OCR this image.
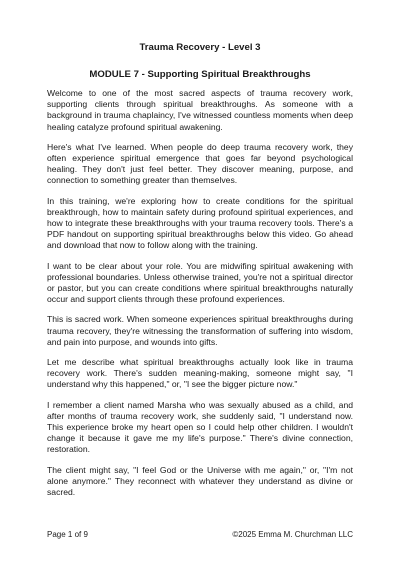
Trauma Recovery - Level 3
MODULE 7 - Supporting Spiritual Breakthroughs

Welcome to one of the most sacred aspects of trauma recovery work, supporting clients through spiritual breakthroughs. As someone with a background in trauma chaplaincy, I've witnessed countless moments when deep healing catalyze profound spiritual awakening.

Here's what I've learned. When people do deep trauma recovery work, they often experience spiritual emergence that goes far beyond psychological healing. They don't just feel better. They discover meaning, purpose, and connection to something greater than themselves.

In this training, we're exploring how to create conditions for the spiritual breakthrough, how to maintain safety during profound spiritual experiences, and how to integrate these breakthroughs with your trauma recovery tools. There's a PDF handout on supporting spiritual breakthroughs below this video. Go ahead and download that now to follow along with the training.

I want to be clear about your role. You are midwifing spiritual awakening with professional boundaries. Unless otherwise trained, you're not a spiritual director or pastor, but you can create conditions where spiritual breakthroughs naturally occur and support clients through these profound experiences.

This is sacred work. When someone experiences spiritual breakthroughs during trauma recovery, they're witnessing the transformation of suffering into wisdom, and pain into purpose, and wounds into gifts.

Let me describe what spiritual breakthroughs actually look like in trauma recovery work. There's sudden meaning-making, someone might say, "I understand why this happened," or, "I see the bigger picture now."

I remember a client named Marsha who was sexually abused as a child, and after months of trauma recovery work, she suddenly said, "I understand now. This experience broke my heart open so I could help other children. I wouldn't change it because it gave me my life's purpose." There's divine connection, restoration.

The client might say, "I feel God or the Universe with me again," or, "I'm not alone anymore." They reconnect with whatever they understand as divine or sacred.

Page 1 of 9	©2025 Emma M. Churchman LLC
